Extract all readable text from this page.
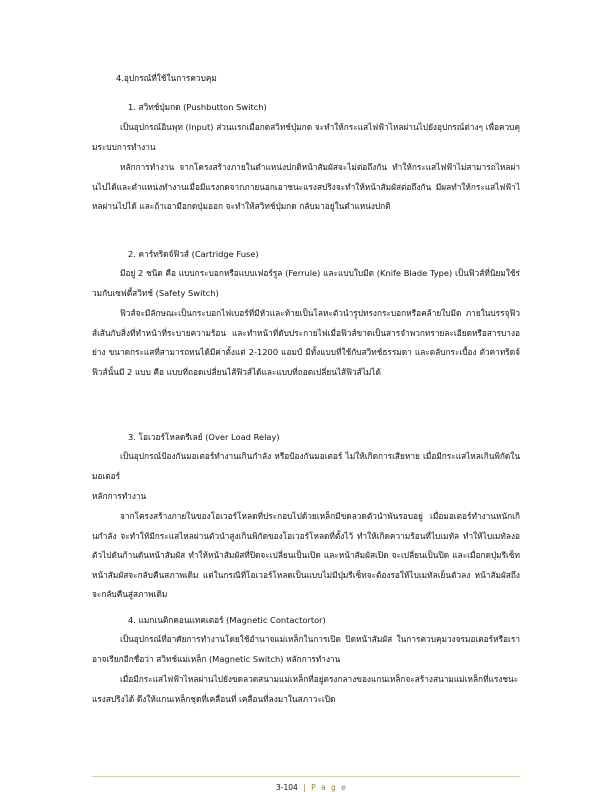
4.อุปกรณ์ที่ใช้ในการควบคุม
1. สวิทช์ปุ่มกด (Pushbutton Switch)
เป็นอุปกรณ์อินพุท (Input) ส่วนแรกเมื่อกดสวิทช์ปุ่มกด จะทำให้กระแสไฟฟ้าไหลผ่านไปยังอุปกรณ์ต่างๆ เพื่อควบคุมระบบการทำงาน
หลักการทำงาน จากโครงสร้างภายในตำแหน่งปกติหน้าสัมผัสจะไม่ต่อถึงกัน ทำให้กระแสไฟฟ้าไม่สามารถไหลผ่านไปได้และตำแหน่งทำงานเมื่อมีแรงกดจากภายนอกเอาชนะแรงสปริงจะทำให้หน้าสัมผัสต่อถึงกัน มีผลทำให้กระแสไฟฟ้าไหลผ่านไปได้ และถ้าเอามือกดปุ่มออก จะทำให้สวิทช์ปุ่มกด กลับมาอยู่ในตำแหน่งปกติ
2. คาร์ทริดจ์ฟิวส์ (Cartridge Fuse)
มีอยู่ 2 ชนิด คือ แบบกระบอกหรือแบบเฟอร์รูล (Ferrule) และแบบใบมีด (Knife Blade Type) เป็นฟิวส์ที่นิยมใช้ร่วมกับเซฟตี้สวิทช์ (Safety Switch)
ฟิวส์จะมีลักษณะเป็นกระบอกไฟเบอร์ที่มีหัวและท้ายเป็นโลหะตัวนำรูปทรงกระบอกหรือคล้ายใบมีด ภายในบรรจุฟิวส์เส้นกับสิ่งที่ทำหน้าที่ระบายความร้อน และทำหน้าที่ดับประกายไฟเมื่อฟิวส์ขาดเป็นสารจำพวกทรายละเอียดหรือสารบางอย่าง ขนาดกระแสที่สามารถทนได้มีค่าตั้งแต่ 2-1200 แอมป์ มีทั้งแบบที่ใช้กับสวิทช์ธรรมดา และตลับกระเบื้อง ตัวคาทริดจ์ฟิวส์นั้นมี 2 แบบ คือ แบบที่ถอดเปลี่ยนไส้ฟิวส์ได้และแบบที่ถอดเปลี่ยนไส้ฟิวส์ไม่ได้
3. โอเวอร์โหลดรีเลย์ (Over Load Relay)
เป็นอุปกรณ์ป้องกันมอเตอร์ทำงานเกินกำลัง หรือป้องกันมอเตอร์ ไม่ให้เกิดการเสียหาย เมื่อมีกระแสไหลเกินพิกัดในมอเตอร์
หลักการทำงาน
จากโครงสร้างภายในของโอเวอร์โหลดที่ประกอบไปด้วยเหล็กมีขดลวดตัวนำพันรอบอยู่ เมื่อมอเตอร์ทำงานหนักเกินกำลัง จะทำให้มีกระแสไหลผ่านตัวนำสูงเกินพิกัดของโอเวอร์โหลดที่ตั้งไว้ ทำให้เกิดความร้อนที่ไบเมทัล ทำให้ไบเมทัลงอตัวไปดันก้านดันหน้าสัมผัส ทำให้หน้าสัมผัสที่ปิดจะเปลี่ยนเป็นเปิด และหน้าสัมผัสเปิด จะเปลี่ยนเป็นปิด และเมื่อกดปุ่มรีเซ็ทหน้าสัมผัสจะกลับคืนสภาพเดิม แต่ในกรณีที่โอเวอร์โหลดเป็นแบบไม่มีปุ่มรีเซ็ทจะต้องรอให้ไบเมทัลเย็นตัวลง หน้าสัมผัสถึงจะกลับคืนสู่สภาพเดิม
4. แมกเนติกคอนแทคเตอร์ (Magnetic Contactortor)
เป็นอุปกรณ์ที่อาศัยการทำงานโดยใช้อำนาจแม่เหล็กในการเปิด ปิดหน้าสัมผัส ในการควบคุมวงจรมอเตอร์หรือเราอาจเรียกอีกชื่อว่า สวิทช์แม่เหล็ก (Magnetic Switch) หลักการทำงาน
เมื่อมีกระแสไฟฟ้าไหลผ่านไปยังขดลวดสนามแม่เหล็กที่อยู่ตรงกลางของแกนเหล็กจะสร้างสนามแม่เหล็กที่แรงชนะแรงสปริงได้ ดึงให้แกนเหล็กชุดที่เคลื่อนที่ เคลื่อนที่ลงมาในสภาวะเปิด
3-104 | P a g e
